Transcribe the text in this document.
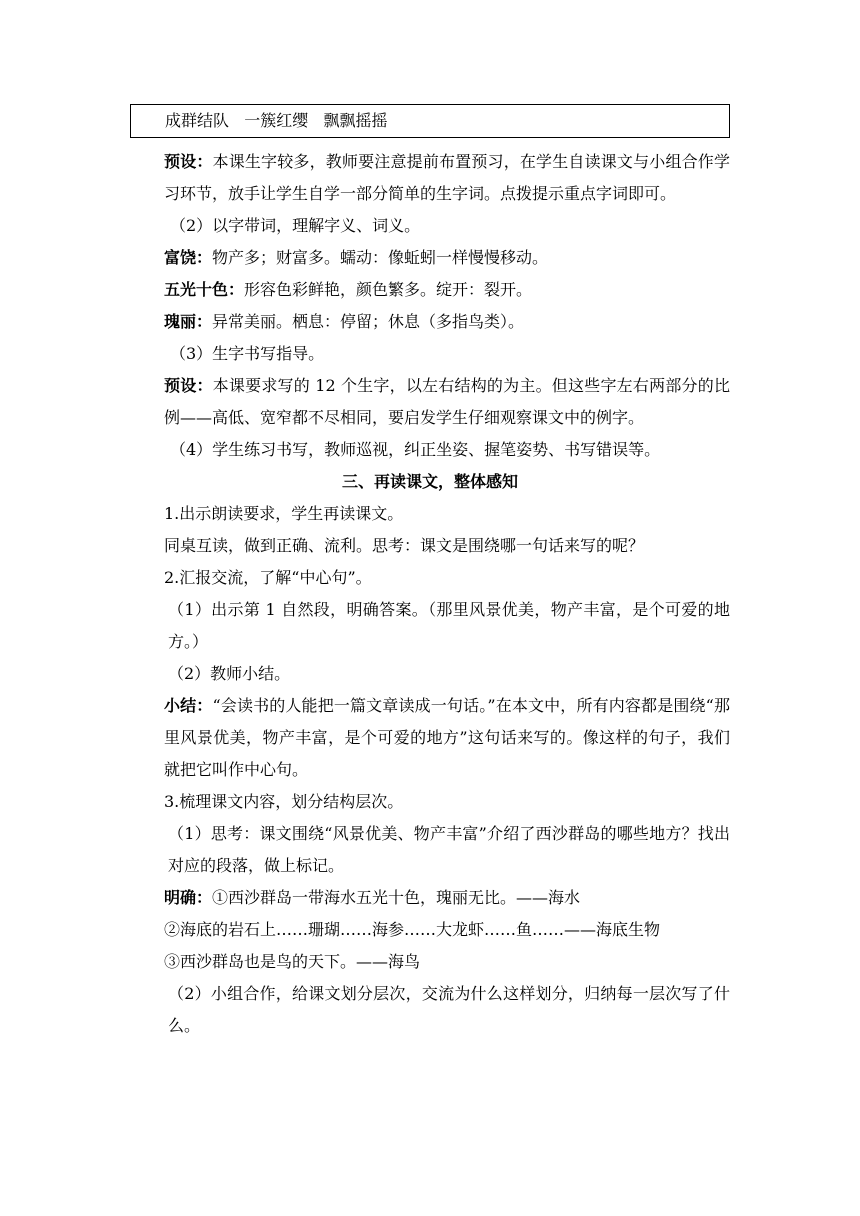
成群结队   一簇红缨   飘飘摇摇
预设：本课生字较多，教师要注意提前布置预习，在学生自读课文与小组合作学习环节，放手让学生自学一部分简单的生字词。点拨提示重点字词即可。
（2）以字带词，理解字义、词义。
富饶：物产多；财富多。蠕动：像蚯蚓一样慢慢移动。
五光十色：形容色彩鲜艳，颜色繁多。绽开：裂开。
瑰丽：异常美丽。栖息：停留；休息（多指鸟类）。
（3）生字书写指导。
预设：本课要求写的 12 个生字，以左右结构的为主。但这些字左右两部分的比例——高低、宽窄都不尽相同，要启发学生仔细观察课文中的例字。
（4）学生练习书写，教师巡视，纠正坐姿、握笔姿势、书写错误等。
三、再读课文，整体感知
1.出示朗读要求，学生再读课文。
同桌互读，做到正确、流利。思考：课文是围绕哪一句话来写的呢？
2.汇报交流，了解“中心句”。
（1）出示第 1 自然段，明确答案。（那里风景优美，物产丰富，是个可爱的地方。）
（2）教师小结。
小结：“会读书的人能把一篇文章读成一句话。”在本文中，所有内容都是围绕“那里风景优美，物产丰富，是个可爱的地方”这句话来写的。像这样的句子，我们就把它叫作中心句。
3.梳理课文内容，划分结构层次。
（1）思考：课文围绕“风景优美、物产丰富”介绍了西沙群岛的哪些地方？找出对应的段落，做上标记。
明确：①西沙群岛一带海水五光十色，瑰丽无比。——海水
②海底的岩石上……珊瑚……海参……大龙虾……鱼……——海底生物
③西沙群岛也是鸟的天下。——海鸟
（2）小组合作，给课文划分层次，交流为什么这样划分，归纳每一层次写了什么。
